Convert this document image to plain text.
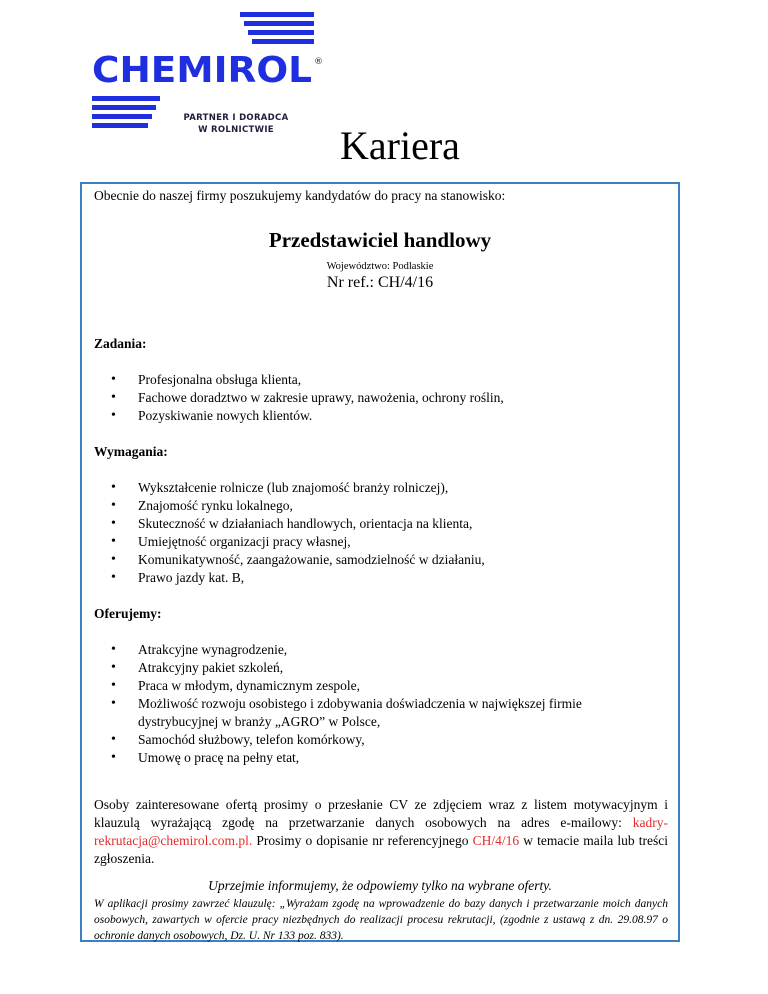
CHEMIROL ®
PARTNER I DORADCA
W ROLNICTWIE	Kariera
Obecnie do naszej firmy poszukujemy kandydatów do pracy na stanowisko:
Przedstawiciel handlowy
Województwo: Podlaskie
Nr ref.: CH/4/16
Zadania:
• Profesjonalna obsługa klienta,
• Fachowe doradztwo w zakresie uprawy, nawożenia, ochrony roślin,
• Pozyskiwanie nowych klientów.
Wymagania:
• Wykształcenie rolnicze (lub znajomość branży rolniczej),
• Znajomość rynku lokalnego,
• Skuteczność w działaniach handlowych, orientacja na klienta,
• Umiejętność organizacji pracy własnej,
• Komunikatywność, zaangażowanie, samodzielność w działaniu,
• Prawo jazdy kat. B,
Oferujemy:
• Atrakcyjne wynagrodzenie,
• Atrakcyjny pakiet szkoleń,
• Praca w młodym, dynamicznym zespole,
• Możliwość rozwoju osobistego i zdobywania doświadczenia w największej firmie dystrybucyjnej w branży „AGRO” w Polsce,
• Samochód służbowy, telefon komórkowy,
• Umowę o pracę na pełny etat,
Osoby zainteresowane ofertą prosimy o przesłanie CV ze zdjęciem wraz z listem motywacyjnym i klauzulą wyrażającą zgodę na przetwarzanie danych osobowych na adres e-mailowy: kadry-rekrutacja@chemirol.com.pl. Prosimy o dopisanie nr referencyjnego CH/4/16 w temacie maila lub treści zgłoszenia.
Uprzejmie informujemy, że odpowiemy tylko na wybrane oferty.
W aplikacji prosimy zawrzeć klauzulę: „Wyrażam zgodę na wprowadzenie do bazy danych i przetwarzanie moich danych osobowych, zawartych w ofercie pracy niezbędnych do realizacji procesu rekrutacji, (zgodnie z ustawą z dn. 29.08.97 o ochronie danych osobowych, Dz. U. Nr 133 poz. 833).
